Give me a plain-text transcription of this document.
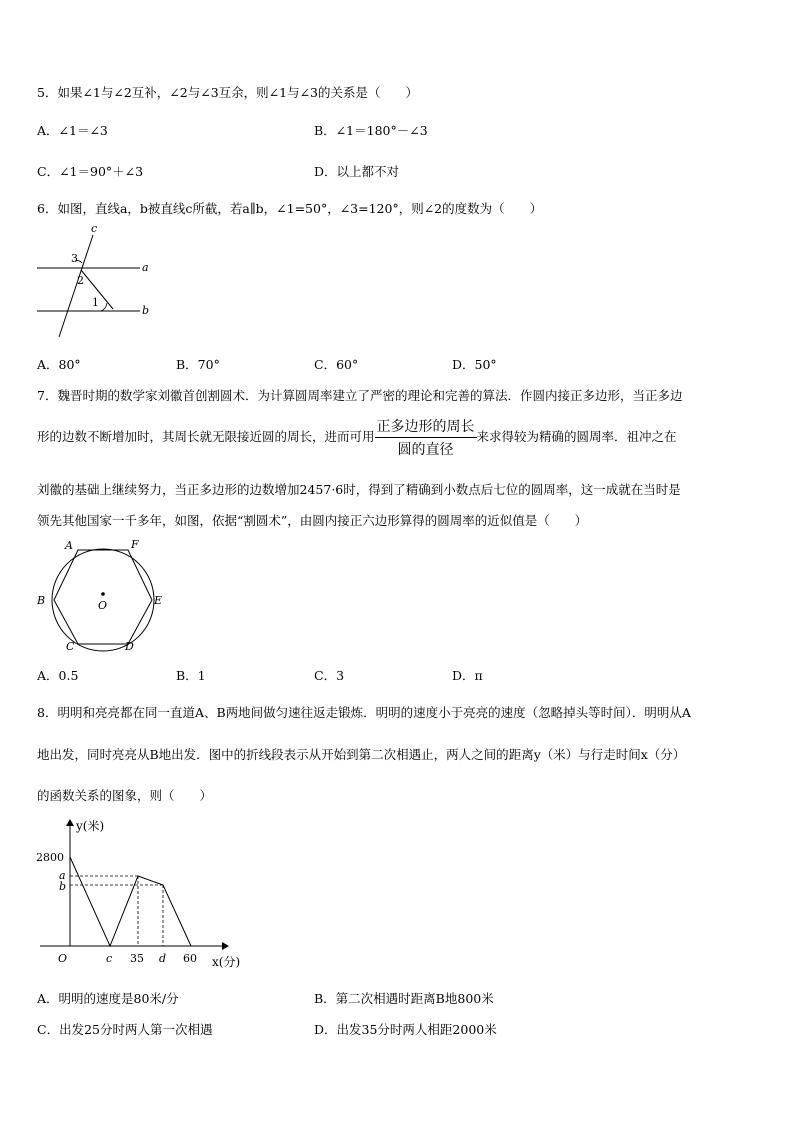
5．如果∠1与∠2互补，∠2与∠3互余，则∠1与∠3的关系是（　　）
A．∠1＝∠3	B．∠1＝180°－∠3
C．∠1＝90°＋∠3	D．以上都不对
6．如图，直线a，b被直线c所截，若a∥b，∠1=50°，∠3=120°，则∠2的度数为（　　）
c
a
b
3
2
1
A．80°	B．70°	C．60°	D．50°
7．魏晋时期的数学家刘徽首创割圆术．为计算圆周率建立了严密的理论和完善的算法．作圆内接正多边形，当正多边
形的边数不断增加时，其周长就无限接近圆的周长，进而可用 $\frac{\text{正多边形的周长}}{\text{圆的直径}}$ 来求得较为精确的圆周率．祖冲之在
刘徽的基础上继续努力，当正多边形的边数增加2457·6时，得到了精确到小数点后七位的圆周率，这一成就在当时是
领先其他国家一千多年，如图，依据“割圆术”，由圆内接正六边形算得的圆周率的近似值是（　　）
A	F
B	E
C	D
O
A．0.5	B．1	C．3	D．π
8．明明和亮亮都在同一直道A、B两地间做匀速往返走锻炼．明明的速度小于亮亮的速度（忽略掉头等时间）．明明从A
地出发，同时亮亮从B地出发．图中的折线段表示从开始到第二次相遇止，两人之间的距离y（米）与行走时间x（分）
的函数关系的图象，则（　　）
y(米)
x(分)
2800
a
b
O	c 35 d 60
A．明明的速度是80米/分	B．第二次相遇时距离B地800米
C．出发25分时两人第一次相遇	D．出发35分时两人相距2000米
